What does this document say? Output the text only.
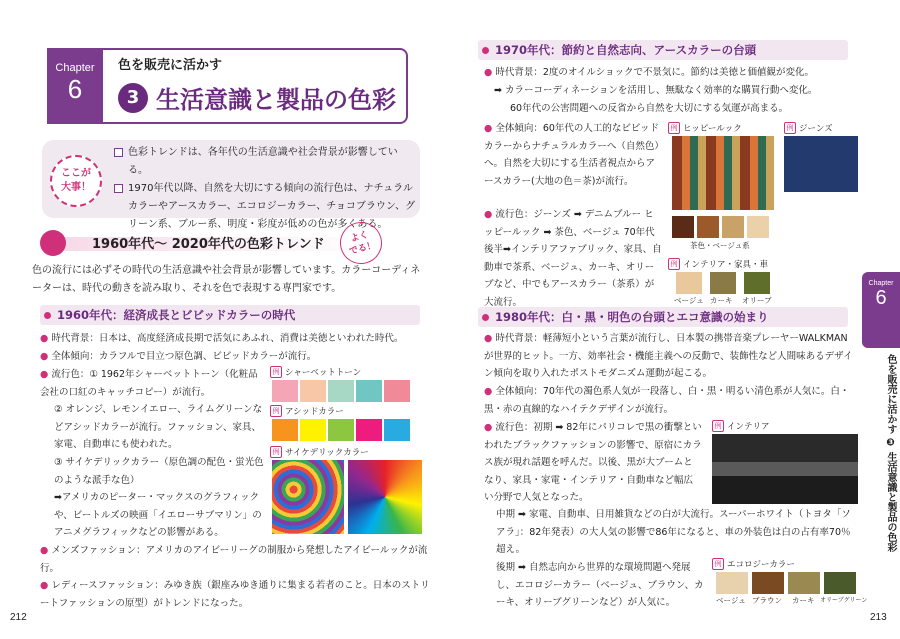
Chapter
6
色を販売に活かす
3 生活意識と製品の色彩
ここが
大事！
色彩トレンドは、各年代の生活意識や社会背景が影響している。
1970年代以降、自然を大切にする傾向の流行色は、ナチュラルカラーやアースカラー、エコロジーカラー、チョコブラウン、グリーン系、ブルー系、明度・彩度が低めの色が多くある。
1960年代〜 2020年代の色彩トレンド	よく
でる！
色の流行には必ずその時代の生活意識や社会背景が影響しています。カラーコーディネーターは、時代の動きを読み取り、それを色で表現する専門家です。
1960年代：経済成長とビビッドカラーの時代
● 時代背景：日本は、高度経済成長期で活気にあふれ、消費は美徳といわれた時代。
● 全体傾向：カラフルで目立つ原色調、ビビッドカラーが流行。
● 流行色：① 1962年シャーベットトーン（化粧品会社の口紅のキャッチコピー）が流行。
② オレンジ、レモンイエロー、ライムグリーンなどアシッドカラーが流行。ファッション、家具、家電、自動車にも使われた。
③ サイケデリックカラー（原色調の配色・蛍光色のような派手な色）
➡アメリカのピーター・マックスのグラフィックや、ビートルズの映画「イエローサブマリン」のアニメグラフィックなどの影響がある。
● メンズファッション：アメリカのアイビーリーグの制服から発想したアイビールックが流行。
● レディースファッション：みゆき族（銀座みゆき通りに集まる若者のこと。日本のストリートファッションの原型）がトレンドになった。
例 シャーベットトーン
例 アシッドカラー
例 サイケデリックカラー
212
1970年代：節約と自然志向、アースカラーの台頭
● 時代背景：2度のオイルショックで不景気に。節約は美徳と価値観が変化。
➡ カラーコーディネーションを活用し、無駄なく効率的な購買行動へ変化。
60年代の公害問題への反省から自然を大切にする気運が高まる。
● 全体傾向：60年代の人工的なビビッドカラーからナチュラルカラーへ（自然色）へ。自然を大切にする生活者視点からアースカラー(大地の色＝茶)が流行。
● 流行色：ジーンズ ➡ デニムブルー ヒッピールック ➡ 茶色、ベージュ 70年代後半➡インテリアファブリック、家具、自動車で茶系、ベージュ、カーキ、オリーブなど、中でもアースカラー（茶系）が大流行。
例 ヒッピールック	例 ジーンズ
茶色・ベージュ系
例 インテリア・家具・車
ベージュ カーキ オリーブ
1980年代：白・黒・明色の台頭とエコ意識の始まり
● 時代背景：軽薄短小という言葉が流行し、日本製の携帯音楽プレーヤーWALKMANが世界的ヒット。一方、効率社会・機能主義への反動で、装飾性など人間味あるデザイン傾向を取り入れたポストモダニズム運動が起こる。
● 全体傾向：70年代の濁色系人気が一段落し、白・黒・明るい清色系が人気に。白・黒・赤の直線的なハイテクデザインが流行。
● 流行色：初期 ➡ 82年にパリコレで黒の衝撃といわれたブラックファッションの影響で、原宿にカラス族が現れ話題を呼んだ。以後、黒が大ブームとなり、家具・家電・インテリア・自動車など幅広い分野で人気となった。
中期 ➡ 家電、自動車、日用雑貨などの白が大流行。スーパーホワイト（トヨタ「ソアラ」：82年発表）の大人気の影響で86年になると、車の外装色は白の占有率70％超え。
後期 ➡ 自然志向から世界的な環境問題へ発展し、エコロジーカラー（ベージュ、ブラウン、カーキ、オリーブグリーンなど）が人気に。
例 インテリア
例 エコロジーカラー
ベージュ ブラウン カーキ オリーブグリーン
Chapter
6
色を販売に活かす ❸ 生活意識と製品の色彩
213
